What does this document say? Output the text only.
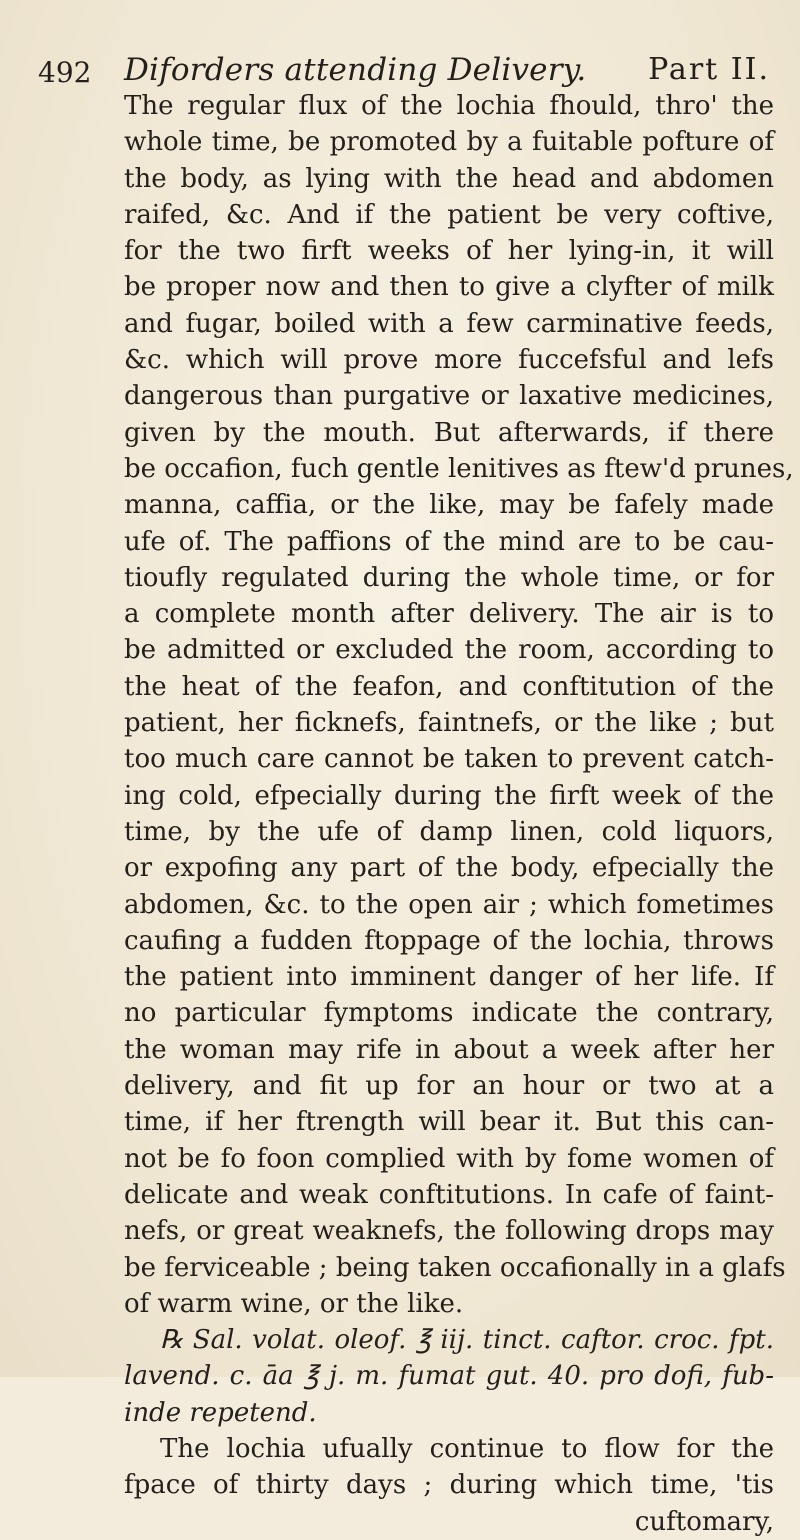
492 Diforders attending Delivery. Part II.
The regular flux of the lochia fhould, thro' the
whole time, be promoted by a fuitable pofture of
the body, as lying with the head and abdomen
raifed, &c. And if the patient be very coftive,
for the two firft weeks of her lying-in, it will
be proper now and then to give a clyfter of milk
and fugar, boiled with a few carminative feeds,
&c. which will prove more fuccefsful and lefs
dangerous than purgative or laxative medicines,
given by the mouth. But afterwards, if there
be occafion, fuch gentle lenitives as ftew'd prunes,
manna, caffia, or the like, may be fafely made
ufe of. The paffions of the mind are to be cau-
tioufly regulated during the whole time, or for
a complete month after delivery. The air is to
be admitted or excluded the room, according to
the heat of the feafon, and conftitution of the
patient, her ficknefs, faintnefs, or the like ; but
too much care cannot be taken to prevent catch-
ing cold, efpecially during the firft week of the
time, by the ufe of damp linen, cold liquors,
or expofing any part of the body, efpecially the
abdomen, &c. to the open air ; which fometimes
caufing a fudden ftoppage of the lochia, throws
the patient into imminent danger of her life. If
no particular fymptoms indicate the contrary,
the woman may rife in about a week after her
delivery, and fit up for an hour or two at a
time, if her ftrength will bear it. But this can-
not be fo foon complied with by fome women of
delicate and weak conftitutions. In cafe of faint-
nefs, or great weaknefs, the following drops may
be ferviceable ; being taken occafionally in a glafs
of warm wine, or the like.
℞ Sal. volat. oleof. ℥ iij. tinct. caftor. croc. fpt.
lavend. c. āa ℥ j. m. fumat gut. 40. pro dofi, fub-
inde repetend.
The lochia ufually continue to flow for the
fpace of thirty days ; during which time, 'tis
cuftomary,
